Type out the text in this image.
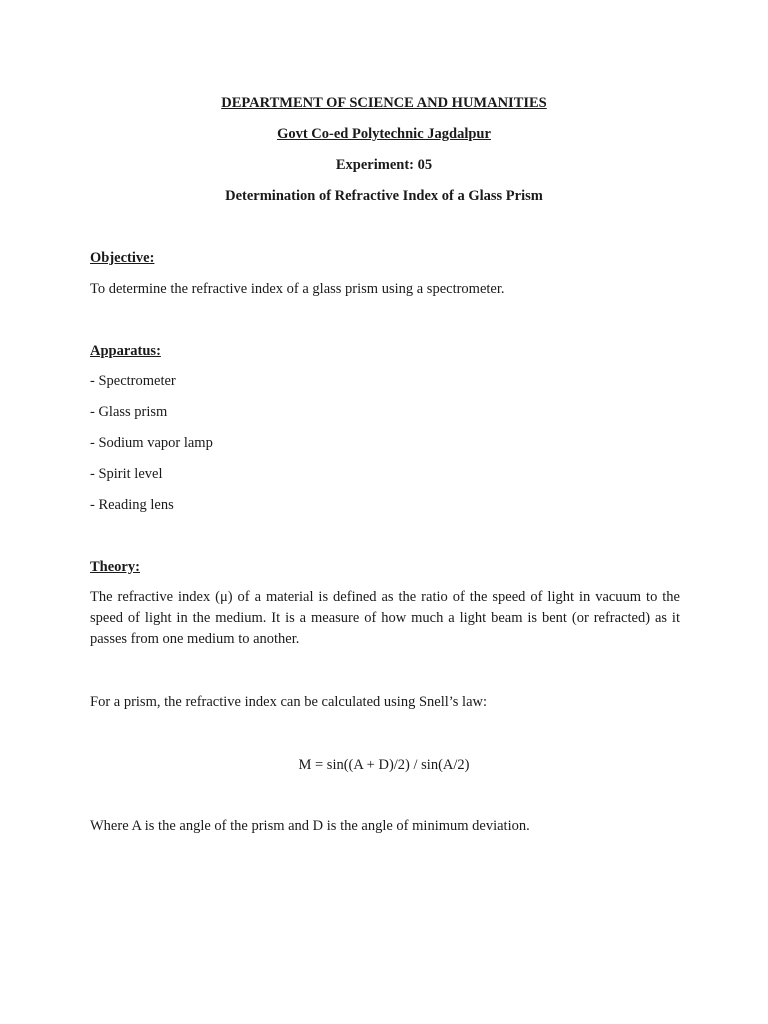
DEPARTMENT OF SCIENCE AND HUMANITIES
Govt Co-ed Polytechnic Jagdalpur
Experiment: 05
Determination of Refractive Index of a Glass Prism
Objective:
To determine the refractive index of a glass prism using a spectrometer.
Apparatus:
- Spectrometer
- Glass prism
- Sodium vapor lamp
- Spirit level
- Reading lens
Theory:
The refractive index (μ) of a material is defined as the ratio of the speed of light in vacuum to the speed of light in the medium. It is a measure of how much a light beam is bent (or refracted) as it passes from one medium to another.
For a prism, the refractive index can be calculated using Snell’s law:
M = sin((A + D)/2) / sin(A/2)
Where A is the angle of the prism and D is the angle of minimum deviation.
